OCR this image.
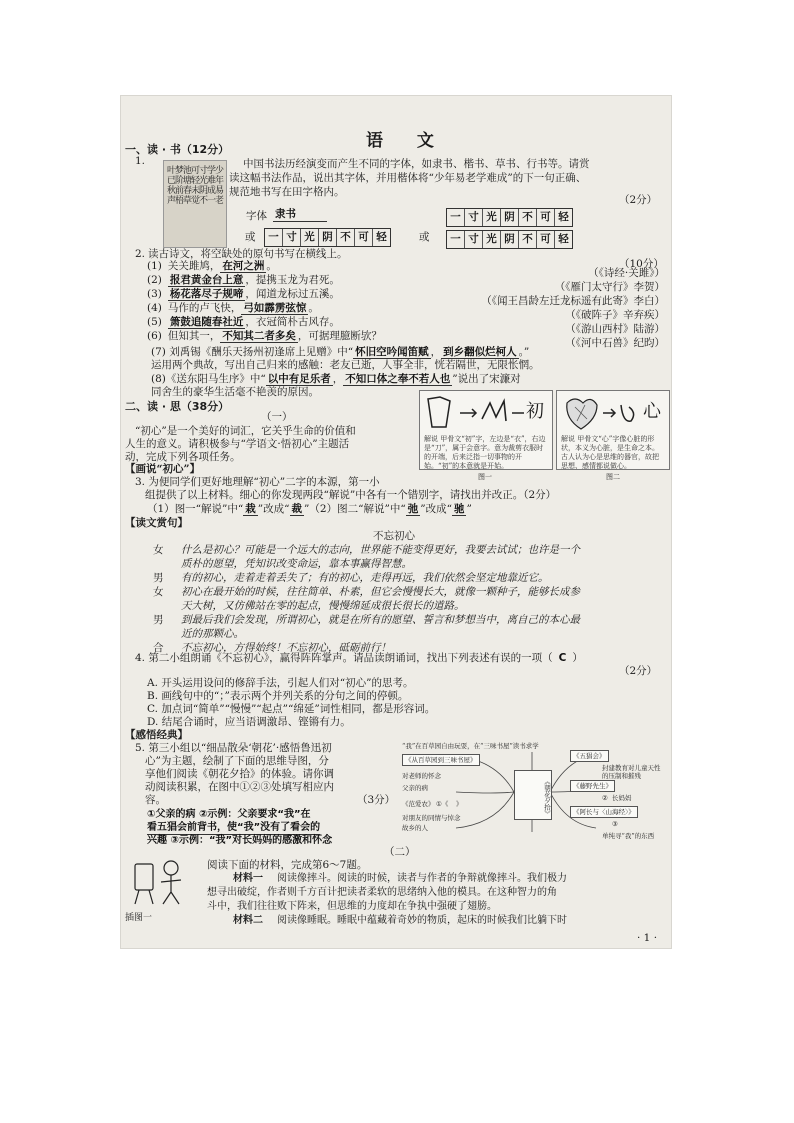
语 文
一、读 · 书（12分）
1.
少年易老
学难成一
寸光阴不
可轻未觉
池塘春草
梦阶前梧
叶已秋声
中国书法历经演变而产生不同的字体，如隶书、楷书、草书、行书等。请赏
读这幅书法作品，说出其字体，并用楷体将“少年易老学难成”的下一句正确、
规范地书写在田字格内。
（2分）
字体 隶书	一 寸 光 阴 不 可 轻
或	一 寸 光 阴 不 可 轻	或	一 寸 光 阴 不 可 轻
2. 读古诗文，将空缺处的原句书写在横线上。
（10分）
(1) 关关雎鸠， 在河之洲 。
（《诗经·关雎》）
(2) 报君黄金台上意 ，提携玉龙为君死。
（《雁门太守行》李贺）
(3) 杨花落尽子规啼 ，闻道龙标过五溪。
（《闻王昌龄左迁龙标遥有此寄》李白）
(4) 马作的卢飞快， 弓如霹雳弦惊 。
（《破阵子》辛弃疾）
(5) 箫鼓追随春社近 ，衣冠简朴古风存。
（《游山西村》陆游）
(6) 但知其一， 不知其二者多矣 ，可据理臆断欤？
（《河中石兽》纪昀）
(7) 刘禹锡《酬乐天扬州初逢席上见赠》中“ 怀旧空吟闻笛赋 ， 到乡翻似烂柯人 。”
运用两个典故，写出自己归来的感触：老友已逝，人事全非，恍若隔世，无限怅惘。
(8)《送东阳马生序》中“ 以中有足乐者 ， 不知口体之奉不若人也 ”说出了宋濂对
同舍生的豪华生活毫不艳羡的原因。
二、读 · 思（38分）
（一）
“初心”是一个美好的词汇，它关乎生命的价值和
人生的意义。请积极参与“学语文·悟初心”主题活
动，完成下列各项任务。
初
解说 甲骨文“初”字，左边是“衣”，右边是“刀”，属于会意字。意为裁剪衣服时的开端，后来泛指一切事物的开始。“初”的本意就是开始。
图一
心
解说 甲骨文“心”字像心脏的形状，本义为心脏，是生命之本。古人认为心是思维的器官，故把思想、感情都说做心。
图二
【画说“初心”】
3. 为便同学们更好地理解“初心”二字的本源，第一小
组提供了以上材料。细心的你发现两段“解说”中各有一个错别字，请找出并改正。（2分）
（1）图一“解说”中“ 栽 ”改成“ 裁 ”（2）图二“解说”中“ 弛 ”改成“ 驰 ”
【读文赏句】
不忘初心
女 什么是初心？可能是一个远大的志向，世界能不能变得更好，我要去试试；也许是一个
质朴的愿望，凭知识改变命运，靠本事赢得智慧。
男 有的初心，走着走着丢失了；有的初心，走得再远，我们依然会坚定地靠近它。
女 初心在最开始的时候，往往简单、朴素，但它会慢慢长大，就像一颗种子，能够长成参
天大树，又仿佛站在零的起点，慢慢绵延成很长很长的道路。
男 到最后我们会发现，所谓初心，就是在所有的愿望、誓言和梦想当中，离自己的本心最
近的那颗心。
合 不忘初心，方得始终！不忘初心，砥砺前行！
4. 第二小组朗诵《不忘初心》，赢得阵阵掌声。请品读朗诵词，找出下列表述有误的一项（ C ）
（2分）
A. 开头运用设问的修辞手法，引起人们对“初心”的思考。
B. 画线句中的“；”表示两个并列关系的分句之间的停顿。
C. 加点词“简单”“慢慢”“起点”“绵延”词性相同，都是形容词。
D. 结尾合诵时，应当语调激昂、铿锵有力。
【感悟经典】
5. 第三小组以“细品散朵‘朝花’·感悟鲁迅初
心”为主题，绘制了下面的思维导图，分
享他们阅读《朝花夕拾》的体验。请你调
动阅读积累，在图中①②③处填写相应内
容。	（3分）
①父亲的病 ②示例：父亲要求“我”在
看五猖会前背书，使“我”没有了看会的
兴趣 ③示例：“我”对长妈妈的感激和怀念
《朝花夕拾》
“我”在百草园自由玩耍，在“三味书屋”读书求学
《从百草园到三味书屋》	《五猖会》
封建教育对儿童天性的压制和摧残
对老师的怀念
父亲的病
《范爱农》 ①《 》
对朋友的同情与悼念
故乡的人
《藤野先生》
② 长妈妈
《阿长与〈山海经〉》
③
单纯寻“我”的东西
（二）
插图一
阅读下面的材料，完成第6～7题。
材料一 阅读像摔斗。阅读的时候，读者与作者的争辩就像摔斗。我们极力
想寻出破绽，作者则千方百计把读者柔软的思绪纳入他的模具。在这种智力的角
斗中，我们往往败下阵来，但思维的力度却在争执中强硬了翅膀。
材料二 阅读像睡眠。睡眠中蕴藏着奇妙的物质，起床的时候我们比躺下时
· 1 ·
